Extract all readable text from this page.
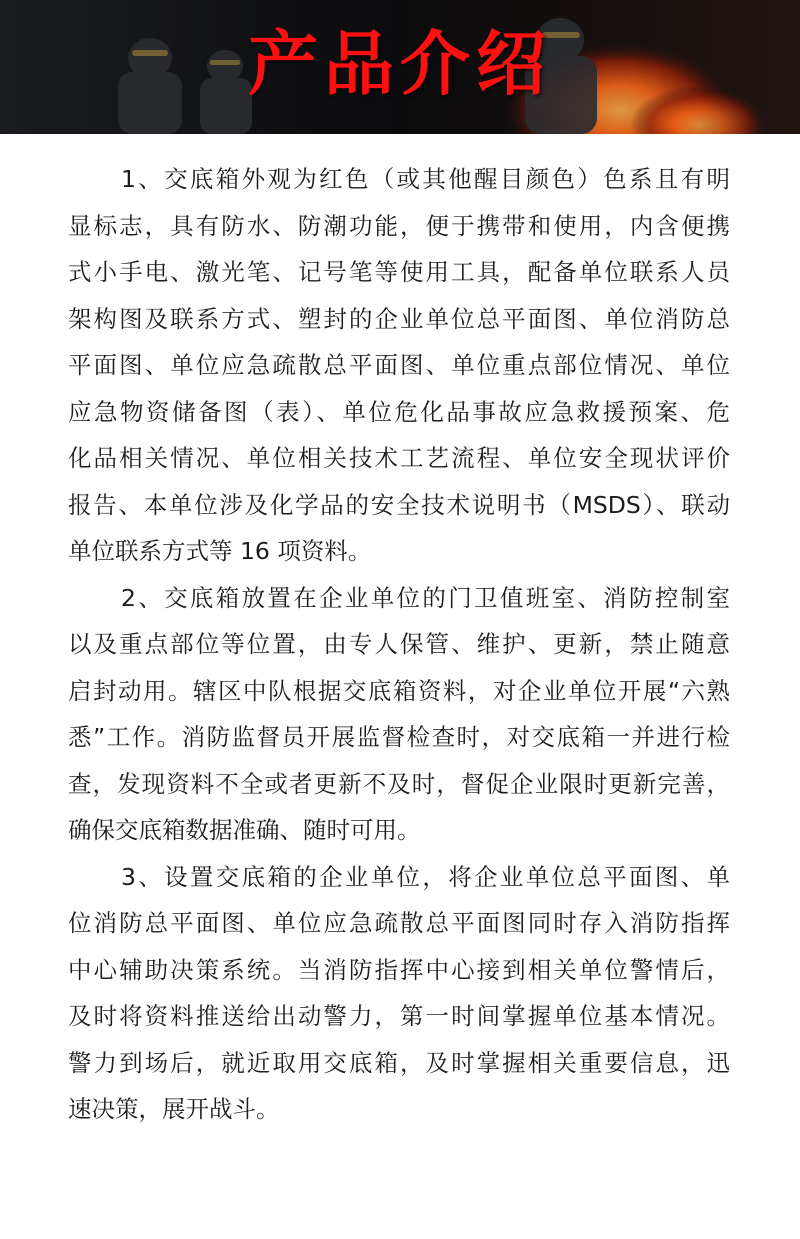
产品介绍

1、交底箱外观为红色（或其他醒目颜色）色系且有明
显标志，具有防水、防潮功能，便于携带和使用，内含便携
式小手电、激光笔、记号笔等使用工具，配备单位联系人员
架构图及联系方式、塑封的企业单位总平面图、单位消防总
平面图、单位应急疏散总平面图、单位重点部位情况、单位
应急物资储备图（表）、单位危化品事故应急救援预案、危
化品相关情况、单位相关技术工艺流程、单位安全现状评价
报告、本单位涉及化学品的安全技术说明书（MSDS）、联动
单位联系方式等 16 项资料。

2、交底箱放置在企业单位的门卫值班室、消防控制室
以及重点部位等位置，由专人保管、维护、更新，禁止随意
启封动用。辖区中队根据交底箱资料，对企业单位开展“六熟
悉”工作。消防监督员开展监督检查时，对交底箱一并进行检
查，发现资料不全或者更新不及时，督促企业限时更新完善，
确保交底箱数据准确、随时可用。

3、设置交底箱的企业单位，将企业单位总平面图、单
位消防总平面图、单位应急疏散总平面图同时存入消防指挥
中心辅助决策系统。当消防指挥中心接到相关单位警情后，
及时将资料推送给出动警力，第一时间掌握单位基本情况。
警力到场后，就近取用交底箱，及时掌握相关重要信息，迅
速决策，展开战斗。
